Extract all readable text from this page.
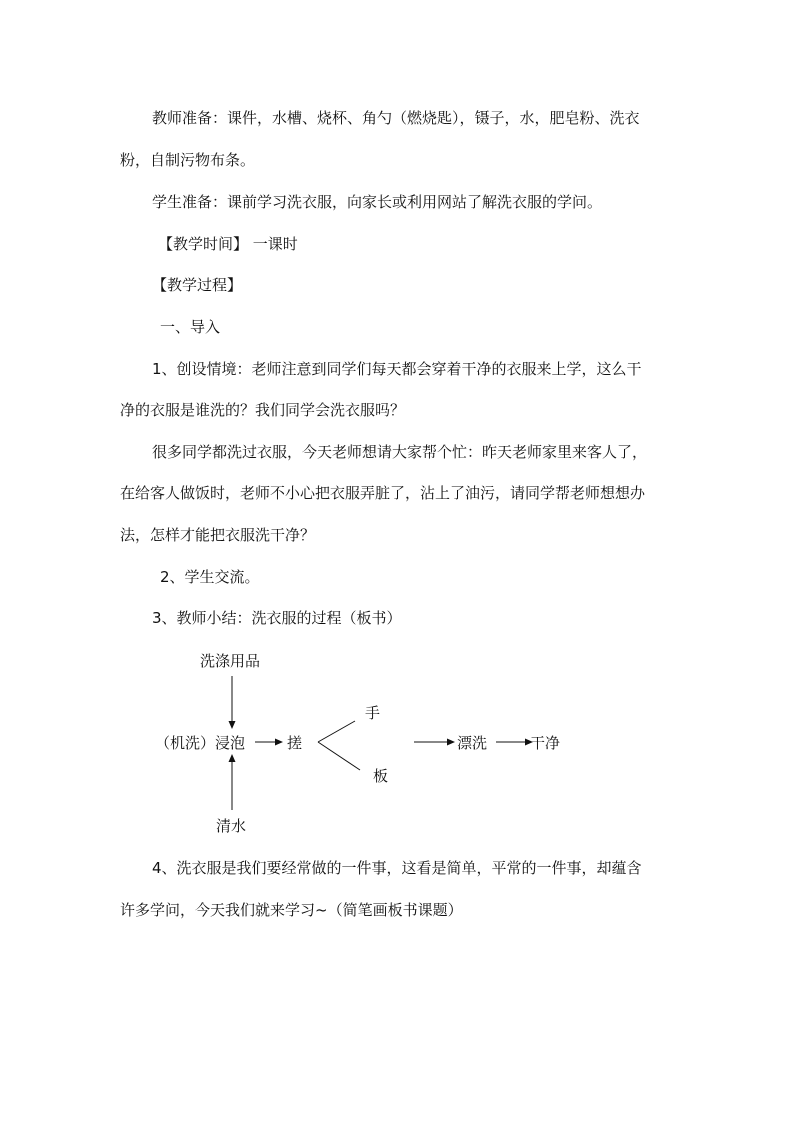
教师准备：课件，水槽、烧杯、角勺（燃烧匙），镊子，水，肥皂粉、洗衣
粉，自制污物布条。
学生准备：课前学习洗衣服，向家长或利用网站了解洗衣服的学问。
【教学时间】 一课时
【教学过程】
一、导入
1、创设情境：老师注意到同学们每天都会穿着干净的衣服来上学，这么干
净的衣服是谁洗的？我们同学会洗衣服吗？
很多同学都洗过衣服，今天老师想请大家帮个忙：昨天老师家里来客人了，
在给客人做饭时，老师不小心把衣服弄脏了，沾上了油污，请同学帮老师想想办
法，怎样才能把衣服洗干净？
2、学生交流。
3、教师小结：洗衣服的过程（板书）
洗涤用品
（机洗）浸泡	搓
手
板
漂洗	干净
清水
4、洗衣服是我们要经常做的一件事，这看是简单，平常的一件事，却蕴含
许多学问，今天我们就来学习~（简笔画板书课题）
